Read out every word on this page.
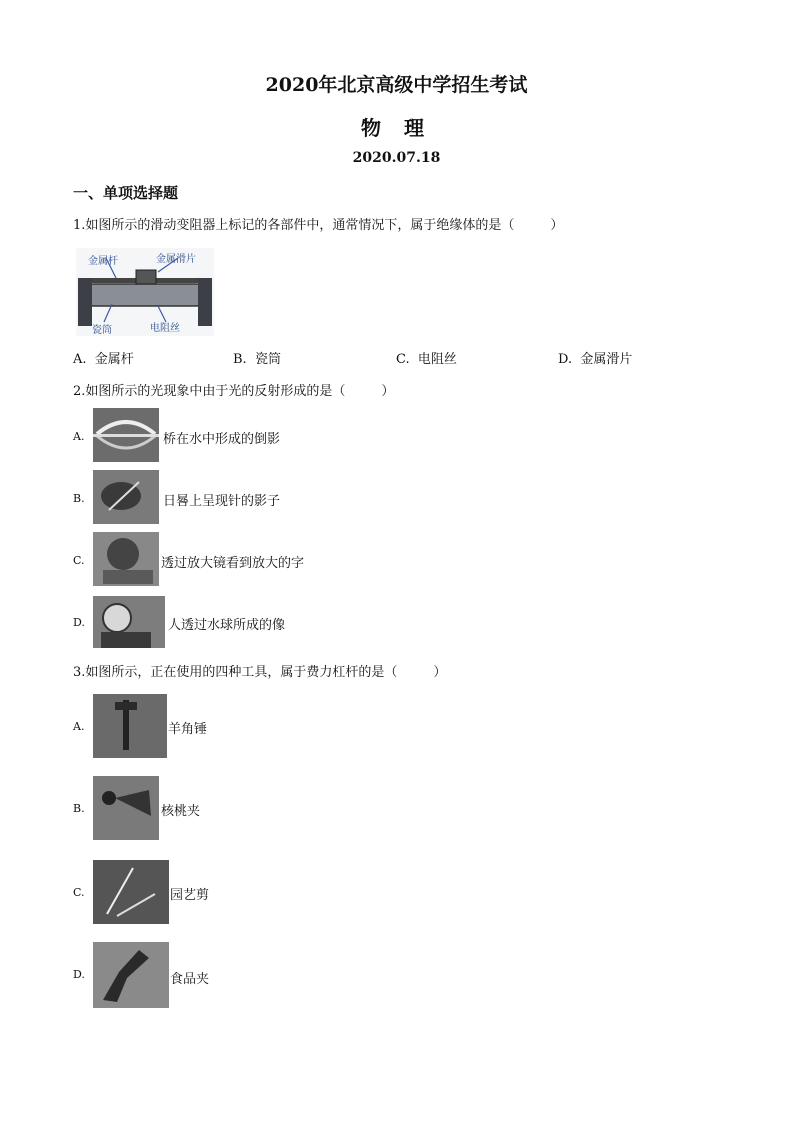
2020年北京高级中学招生考试
物 理
2020.07.18
一、单项选择题
1.如图所示的滑动变阻器上标记的各部件中，通常情况下，属于绝缘体的是（	）
金属杆	金属滑片
瓷筒	电阻丝
A. 金属杆	B. 瓷筒	C. 电阻丝	D. 金属滑片
2.如图所示的光现象中由于光的反射形成的是（	）
A.	桥在水中形成的倒影
B.	日晷上呈现针的影子
C.	透过放大镜看到放大的字
D.	人透过水球所成的像
3.如图所示，正在使用的四种工具，属于费力杠杆的是（	）
A.	羊角锤
B.	核桃夹
C.	园艺剪
D.	食品夹
